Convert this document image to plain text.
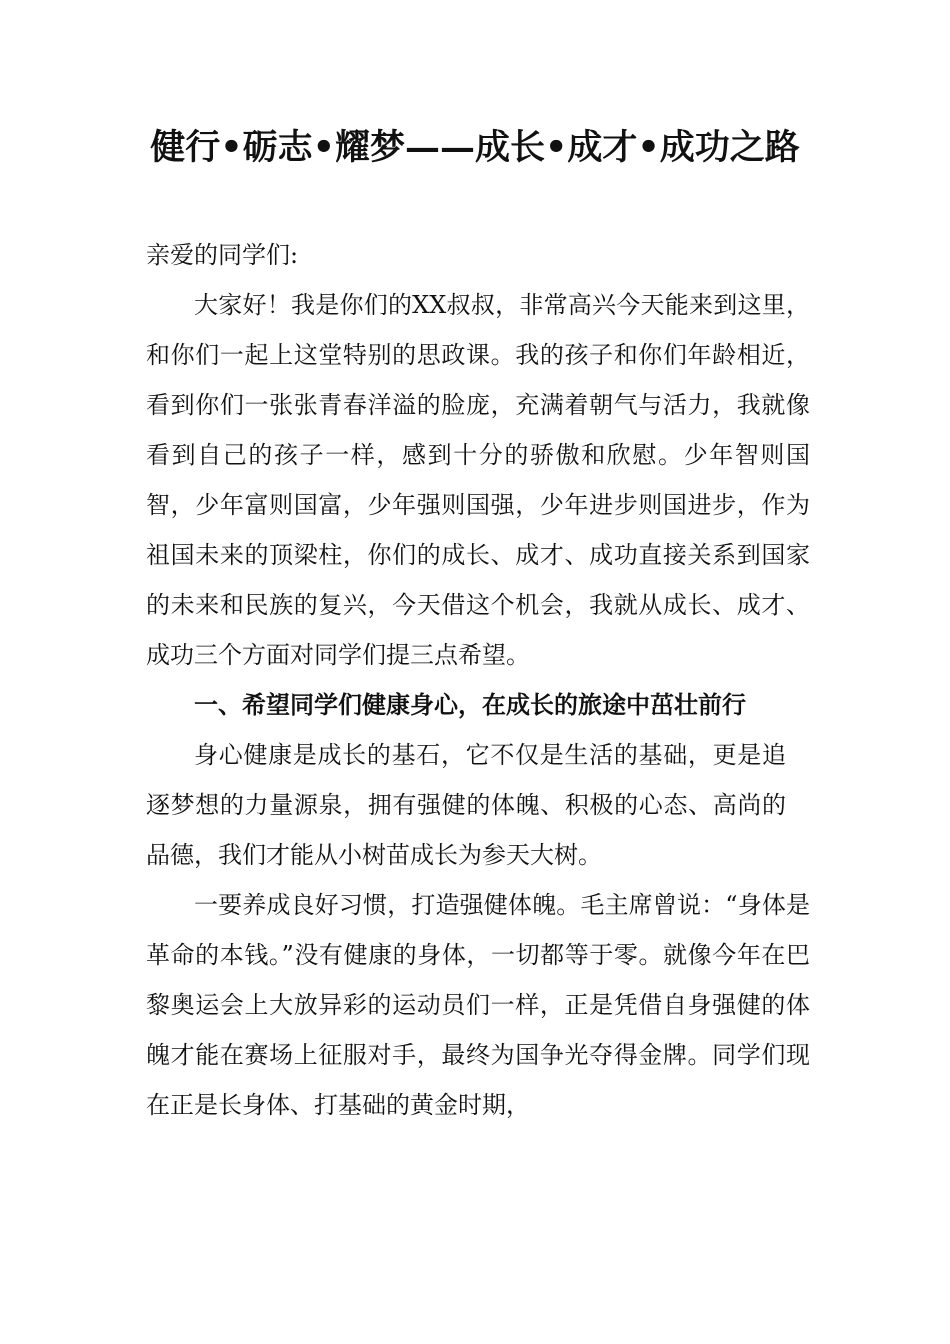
健行•砺志•耀梦——成长•成才•成功之路

亲爱的同学们:

大家好！我是你们的XX叔叔，非常高兴今天能来到这里，和你们一起上这堂特别的思政课。我的孩子和你们年龄相近，看到你们一张张青春洋溢的脸庞，充满着朝气与活力，我就像看到自己的孩子一样，感到十分的骄傲和欣慰。少年智则国智，少年富则国富，少年强则国强，少年进步则国进步，作为祖国未来的顶梁柱，你们的成长、成才、成功直接关系到国家的未来和民族的复兴，今天借这个机会，我就从成长、成才、成功三个方面对同学们提三点希望。

一、希望同学们健康身心，在成长的旅途中茁壮前行

身心健康是成长的基石，它不仅是生活的基础，更是追逐梦想的力量源泉，拥有强健的体魄、积极的心态、高尚的品德，我们才能从小树苗成长为参天大树。

一要养成良好习惯，打造强健体魄。毛主席曾说：“身体是革命的本钱。”没有健康的身体，一切都等于零。就像今年在巴黎奥运会上大放异彩的运动员们一样，正是凭借自身强健的体魄才能在赛场上征服对手，最终为国争光夺得金牌。同学们现在正是长身体、打基础的黄金时期，
